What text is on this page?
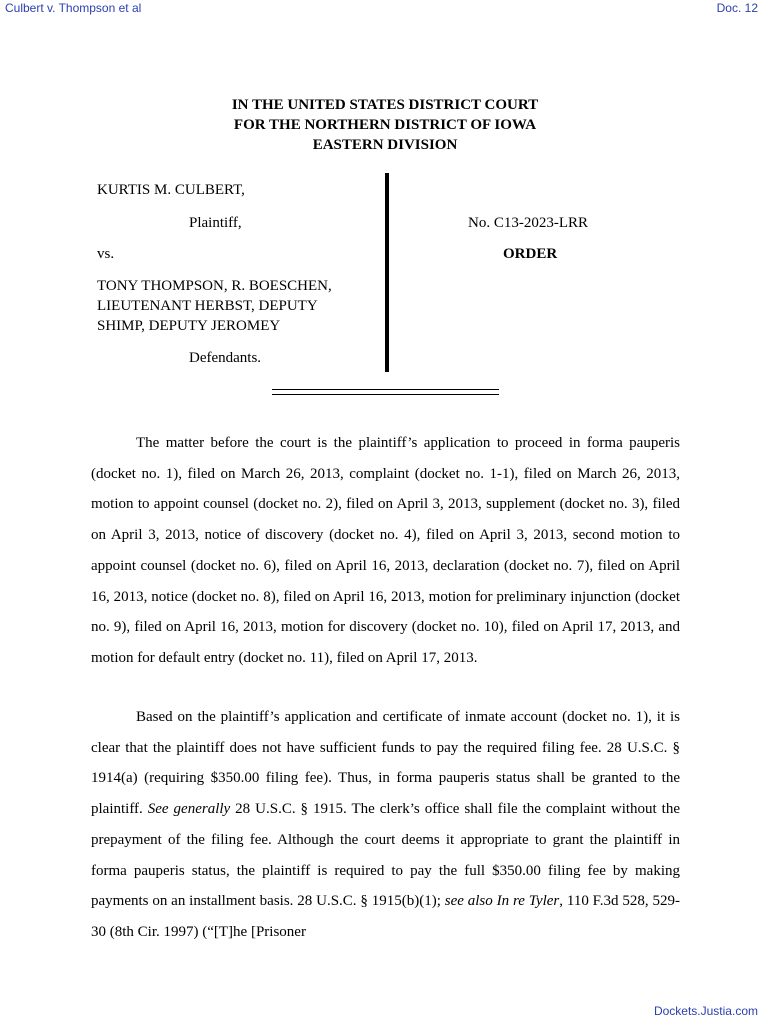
Culbert v. Thompson et al	Doc. 12
IN THE UNITED STATES DISTRICT COURT
FOR THE NORTHERN DISTRICT OF IOWA
EASTERN DIVISION
KURTIS M. CULBERT,
Plaintiff,
vs.
TONY THOMPSON, R. BOESCHEN,
LIEUTENANT HERBST, DEPUTY
SHIMP, DEPUTY JEROMEY
Defendants.
No. C13-2023-LRR
ORDER

The matter before the court is the plaintiff’s application to proceed in forma pauperis (docket no. 1), filed on March 26, 2013, complaint (docket no. 1-1), filed on March 26, 2013, motion to appoint counsel (docket no. 2), filed on April 3, 2013, supplement (docket no. 3), filed on April 3, 2013, notice of discovery (docket no. 4), filed on April 3, 2013, second motion to appoint counsel (docket no. 6), filed on April 16, 2013, declaration (docket no. 7), filed on April 16, 2013, notice (docket no. 8), filed on April 16, 2013, motion for preliminary injunction (docket no. 9), filed on April 16, 2013, motion for discovery (docket no. 10), filed on April 17, 2013, and motion for default entry (docket no. 11), filed on April 17, 2013.

Based on the plaintiff’s application and certificate of inmate account (docket no. 1), it is clear that the plaintiff does not have sufficient funds to pay the required filing fee. 28 U.S.C. § 1914(a) (requiring $350.00 filing fee). Thus, in forma pauperis status shall be granted to the plaintiff. See generally 28 U.S.C. § 1915. The clerk’s office shall file the complaint without the prepayment of the filing fee. Although the court deems it appropriate to grant the plaintiff in forma pauperis status, the plaintiff is required to pay the full $350.00 filing fee by making payments on an installment basis. 28 U.S.C. § 1915(b)(1); see also In re Tyler, 110 F.3d 528, 529-30 (8th Cir. 1997) (“[T]he [Prisoner

Dockets.Justia.com
